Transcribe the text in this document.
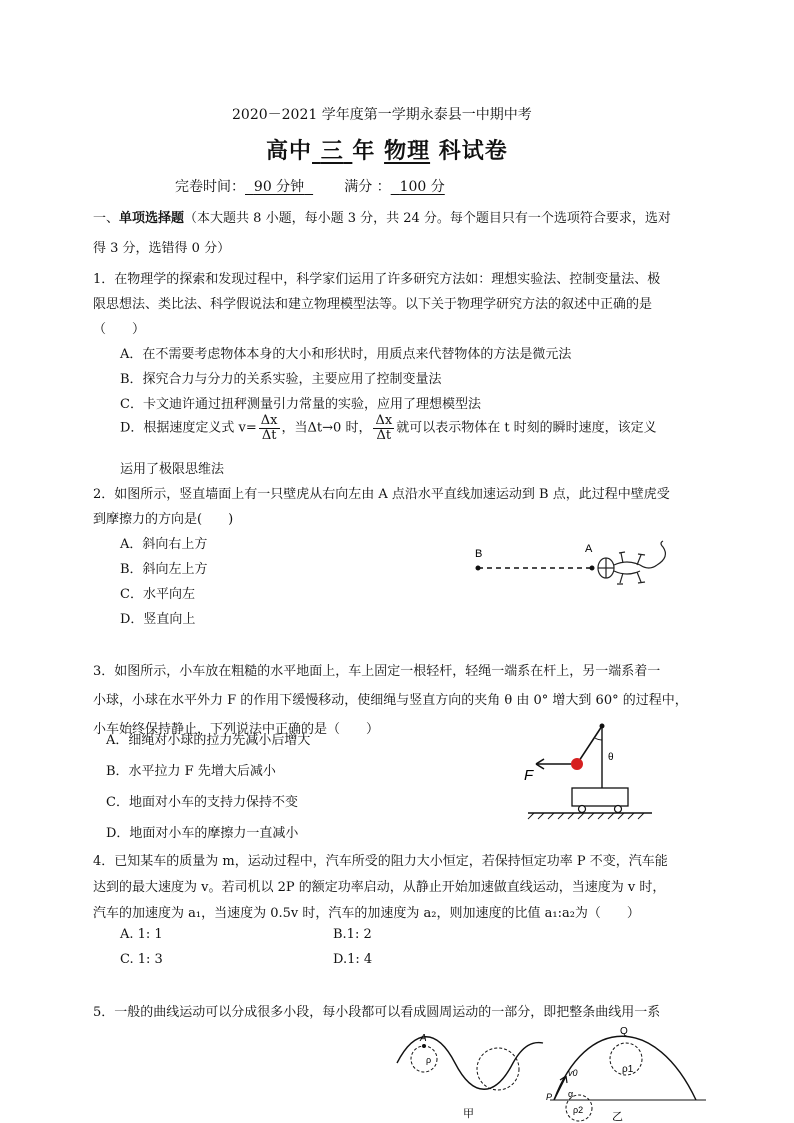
2020－2021 学年度第一学期永泰县一中期中考
高中 三 年 物理 科试卷
完卷时间： 90 分钟	满分 ： 100 分
一、单项选择题（本大题共 8 小题，每小题 3 分，共 24 分。每个题目只有一个选项符合要求，选对
得 3 分，选错得 0 分）
1．在物理学的探索和发现过程中，科学家们运用了许多研究方法如：理想实验法、控制变量法、极
限思想法、类比法、科学假说法和建立物理模型法等。以下关于物理学研究方法的叙述中正确的是
（　　）
A．在不需要考虑物体本身的大小和形状时，用质点来代替物体的方法是微元法
B．探究合力与分力的关系实验，主要应用了控制变量法
C．卡文迪许通过扭秤测量引力常量的实验，应用了理想模型法
D．根据速度定义式 $v= \frac{\Delta x}{\Delta t}$ ，当Δt→0 时， $\frac{\Delta x}{\Delta t}$ 就可以表示物体在 t 时刻的瞬时速度，该定义
运用了极限思维法
2．如图所示，竖直墙面上有一只壁虎从右向左由 A 点沿水平直线加速运动到 B 点，此过程中壁虎受
到摩擦力的方向是(　　)
A．斜向右上方
B．斜向左上方
C．水平向左
D．竖直向上
B	A
3．如图所示，小车放在粗糙的水平地面上，车上固定一根轻杆，轻绳一端系在杆上，另一端系着一
小球，小球在水平外力 F 的作用下缓慢移动，使细绳与竖直方向的夹角 θ 由 0° 增大到 60° 的过程中，
小车始终保持静止，下列说法中正确的是（　　）
A．细绳对小球的拉力先减小后增大
B．水平拉力 F 先增大后减小
C．地面对小车的支持力保持不变
D．地面对小车的摩擦力一直减小
θ
F
4．已知某车的质量为 m，运动过程中，汽车所受的阻力大小恒定，若保持恒定功率 P 不变，汽车能
达到的最大速度为 v。若司机以 2P 的额定功率启动，从静止开始加速做直线运动，当速度为 v 时，
汽车的加速度为 a₁，当速度为 0.5v 时，汽车的加速度为 a₂，则加速度的比值 a₁:a₂为（　　）
A. 1: 1	B.1: 2
C. 1: 3	D.1: 4
5．一般的曲线运动可以分成很多小段，每小段都可以看成圆周运动的一部分，即把整条曲线用一系
A
ρ
甲
Q
ρ1
ρ2
v0
P α
乙
